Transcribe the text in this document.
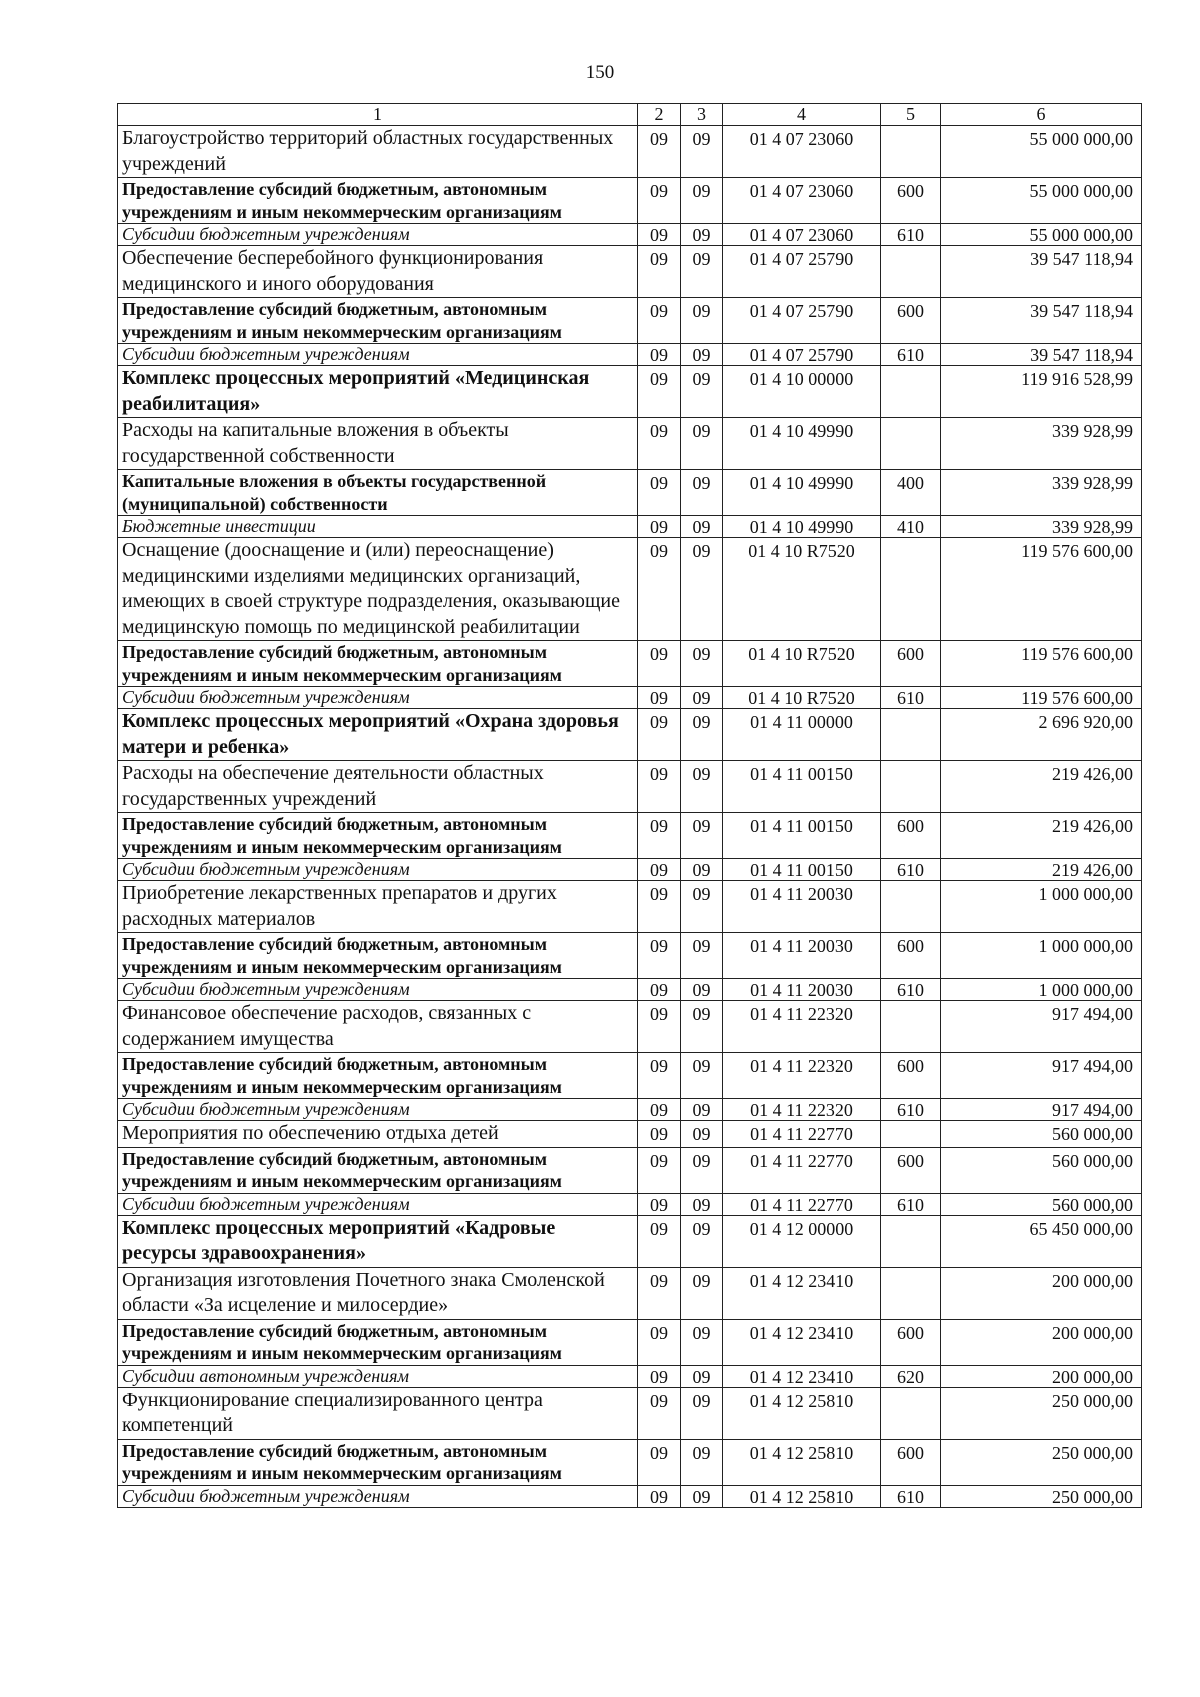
150
1	2	3	4	5	6
Благоустройство территорий областных государственных учреждений	09	09	01 4 07 23060		55 000 000,00
Предоставление субсидий бюджетным, автономным учреждениям и иным некоммерческим организациям	09	09	01 4 07 23060	600	55 000 000,00
Субсидии бюджетным учреждениям	09	09	01 4 07 23060	610	55 000 000,00
Обеспечение бесперебойного функционирования медицинского и иного оборудования	09	09	01 4 07 25790		39 547 118,94
Предоставление субсидий бюджетным, автономным учреждениям и иным некоммерческим организациям	09	09	01 4 07 25790	600	39 547 118,94
Субсидии бюджетным учреждениям	09	09	01 4 07 25790	610	39 547 118,94
Комплекс процессных мероприятий «Медицинская реабилитация»	09	09	01 4 10 00000		119 916 528,99
Расходы на капитальные вложения в объекты государственной собственности	09	09	01 4 10 49990		339 928,99
Капитальные вложения в объекты государственной (муниципальной) собственности	09	09	01 4 10 49990	400	339 928,99
Бюджетные инвестиции	09	09	01 4 10 49990	410	339 928,99
Оснащение (дооснащение и (или) переоснащение) медицинскими изделиями медицинских организаций, имеющих в своей структуре подразделения, оказывающие медицинскую помощь по медицинской реабилитации	09	09	01 4 10 R7520		119 576 600,00
Предоставление субсидий бюджетным, автономным учреждениям и иным некоммерческим организациям	09	09	01 4 10 R7520	600	119 576 600,00
Субсидии бюджетным учреждениям	09	09	01 4 10 R7520	610	119 576 600,00
Комплекс процессных мероприятий «Охрана здоровья матери и ребенка»	09	09	01 4 11 00000		2 696 920,00
Расходы на обеспечение деятельности областных государственных учреждений	09	09	01 4 11 00150		219 426,00
Предоставление субсидий бюджетным, автономным учреждениям и иным некоммерческим организациям	09	09	01 4 11 00150	600	219 426,00
Субсидии бюджетным учреждениям	09	09	01 4 11 00150	610	219 426,00
Приобретение лекарственных препаратов и других расходных материалов	09	09	01 4 11 20030		1 000 000,00
Предоставление субсидий бюджетным, автономным учреждениям и иным некоммерческим организациям	09	09	01 4 11 20030	600	1 000 000,00
Субсидии бюджетным учреждениям	09	09	01 4 11 20030	610	1 000 000,00
Финансовое обеспечение расходов, связанных с содержанием имущества	09	09	01 4 11 22320		917 494,00
Предоставление субсидий бюджетным, автономным учреждениям и иным некоммерческим организациям	09	09	01 4 11 22320	600	917 494,00
Субсидии бюджетным учреждениям	09	09	01 4 11 22320	610	917 494,00
Мероприятия по обеспечению отдыха детей	09	09	01 4 11 22770		560 000,00
Предоставление субсидий бюджетным, автономным учреждениям и иным некоммерческим организациям	09	09	01 4 11 22770	600	560 000,00
Субсидии бюджетным учреждениям	09	09	01 4 11 22770	610	560 000,00
Комплекс процессных мероприятий «Кадровые ресурсы здравоохранения»	09	09	01 4 12 00000		65 450 000,00
Организация изготовления Почетного знака Смоленской области «За исцеление и милосердие»	09	09	01 4 12 23410		200 000,00
Предоставление субсидий бюджетным, автономным учреждениям и иным некоммерческим организациям	09	09	01 4 12 23410	600	200 000,00
Субсидии автономным учреждениям	09	09	01 4 12 23410	620	200 000,00
Функционирование специализированного центра компетенций	09	09	01 4 12 25810		250 000,00
Предоставление субсидий бюджетным, автономным учреждениям и иным некоммерческим организациям	09	09	01 4 12 25810	600	250 000,00
Субсидии бюджетным учреждениям	09	09	01 4 12 25810	610	250 000,00
